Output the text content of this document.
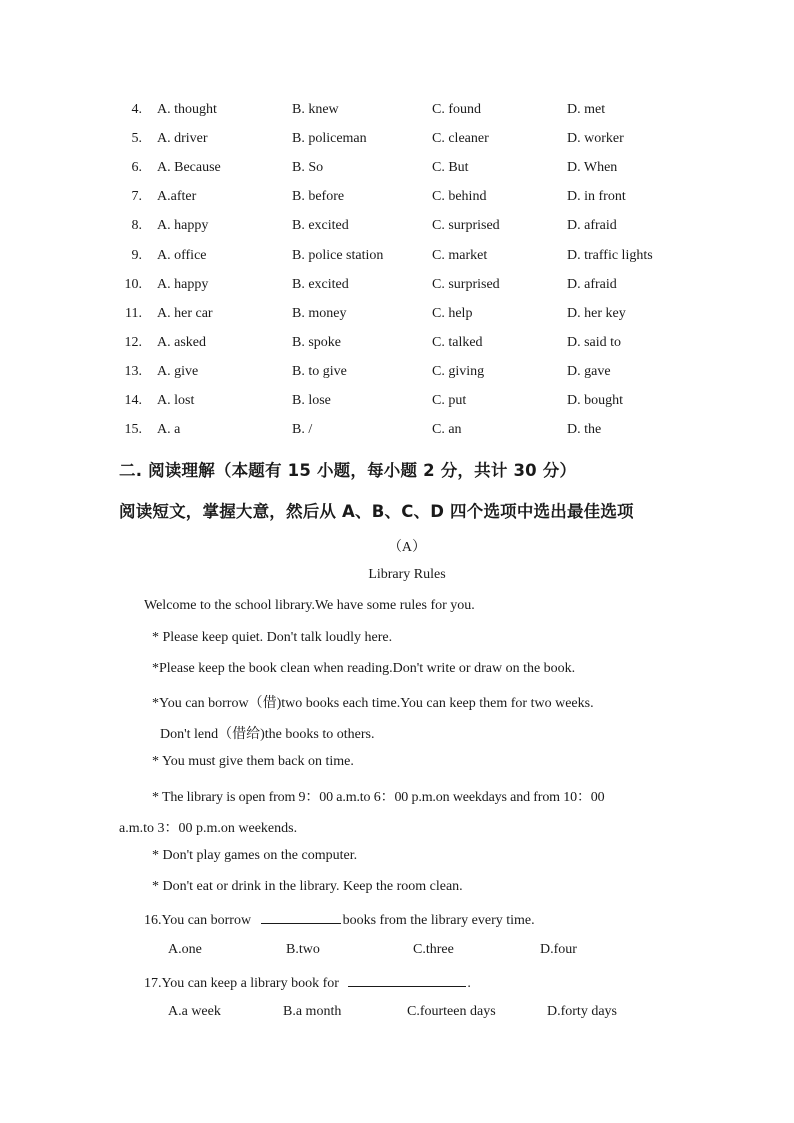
4. A. thought	B. knew	C. found	D. met
5. A. driver	B. policeman	C. cleaner	D. worker
6. A. Because	B. So	C. But	D. When
7. A.after	B. before	C. behind	D. in front
8. A. happy	B. excited	C. surprised	D. afraid
9. A. office	B. police station	C. market	D. traffic lights
10. A. happy	B. excited	C. surprised	D. afraid
11. A. her car	B. money	C. help	D. her key
12. A. asked	B. spoke	C. talked	D. said to
13. A. give	B. to give	C. giving	D. gave
14. A. lost	B. lose	C. put	D. bought
15. A. a	B. /	C. an	D. the
二. 阅读理解（本题有 15 小题，每小题 2 分，共计 30 分）
阅读短文，掌握大意，然后从 A、B、C、D 四个选项中选出最佳选项
（A）
Library Rules
Welcome to the school library.We have some rules for you.
* Please keep quiet. Don't talk loudly here.
*Please keep the book clean when reading.Don't write or draw on the book.
*You can borrow（借)two books each time.You can keep them for two weeks.
Don't lend（借给)the books to others.
* You must give them back on time.
* The library is open from 9：00 a.m.to 6：00 p.m.on weekdays and from 10：00
a.m.to 3：00 p.m.on weekends.
* Don't play games on the computer.
* Don't eat or drink in the library. Keep the room clean.
16.You can borrow	books from the library every time.
A.one	B.two	C.three	D.four
17.You can keep a library book for	.
A.a week	B.a month	C.fourteen days	D.forty days
